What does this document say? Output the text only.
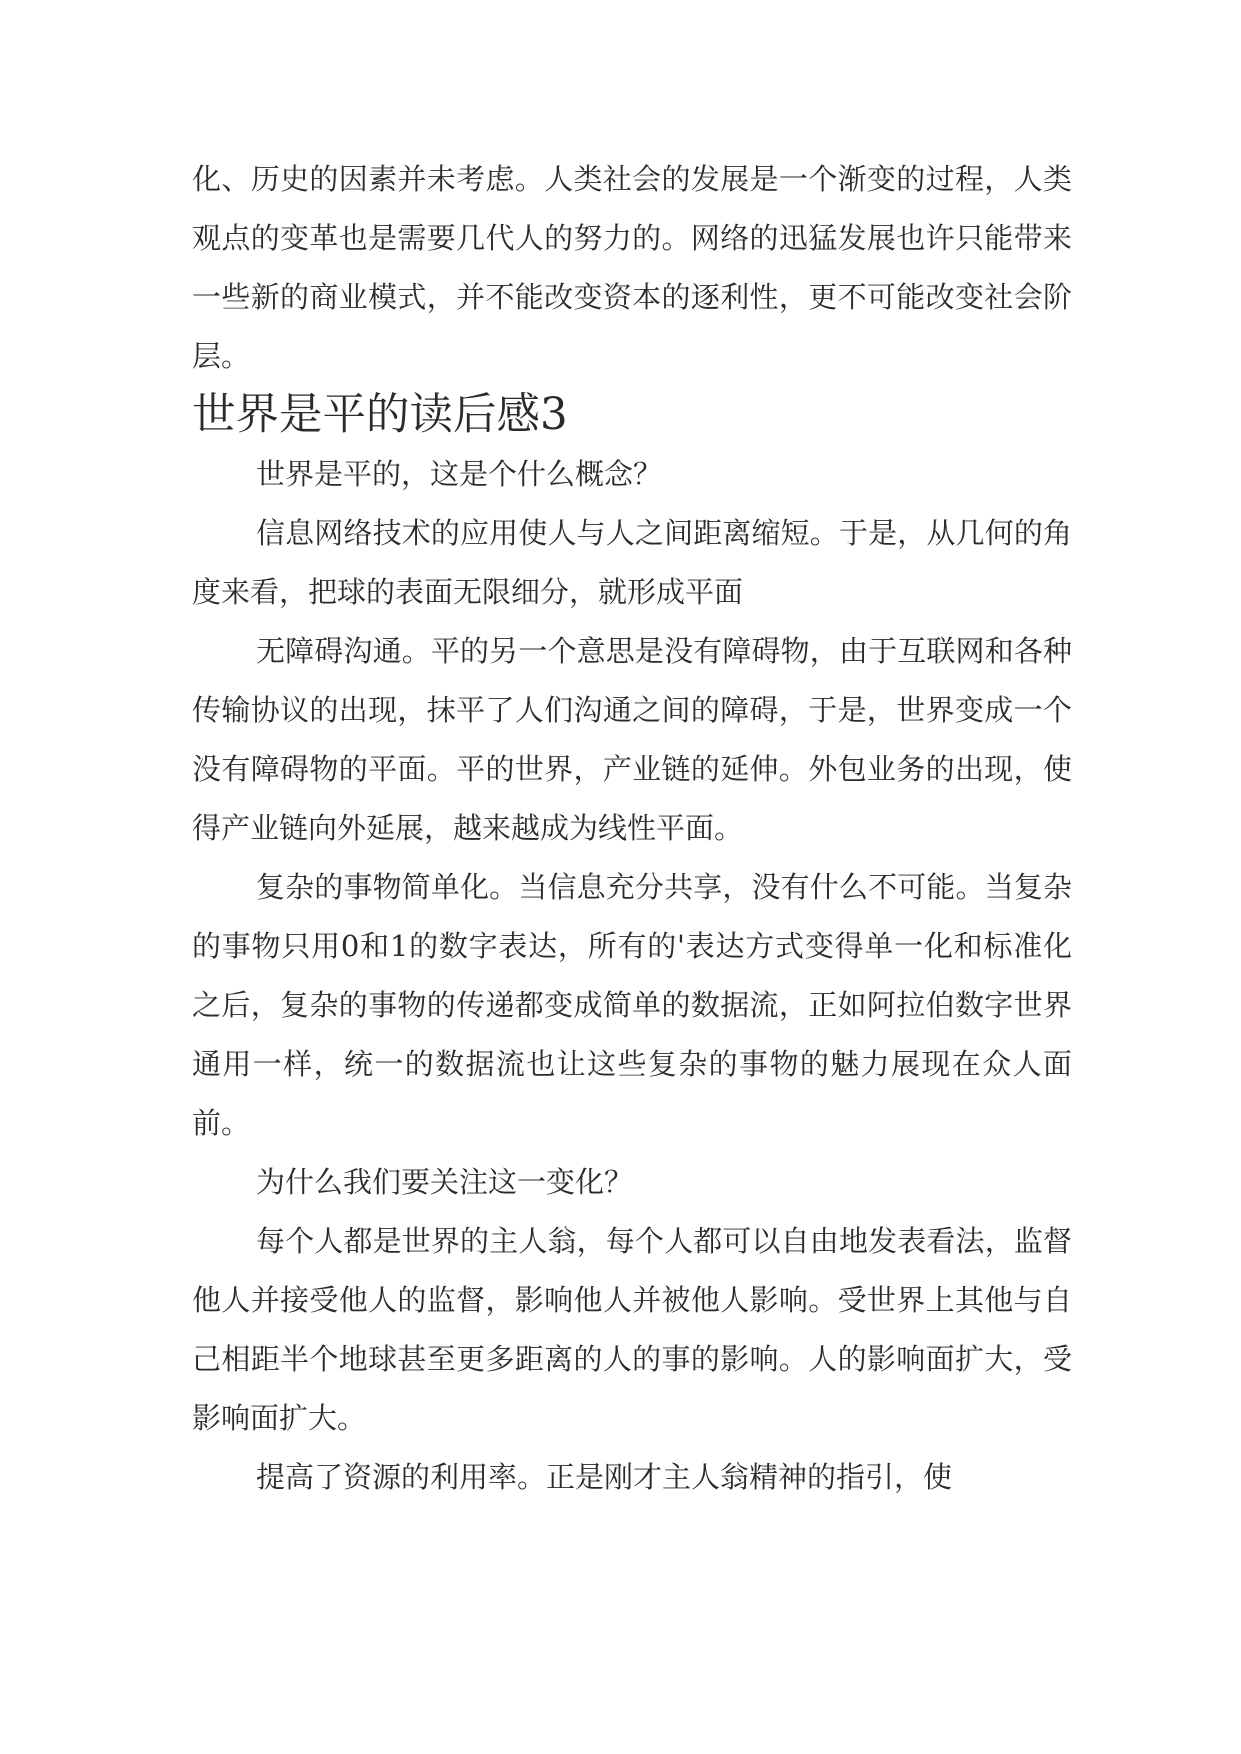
化、历史的因素并未考虑。人类社会的发展是一个渐变的过程，人类观点的变革也是需要几代人的努力的。网络的迅猛发展也许只能带来一些新的商业模式，并不能改变资本的逐利性，更不可能改变社会阶层。

世界是平的读后感3

世界是平的，这是个什么概念？

信息网络技术的应用使人与人之间距离缩短。于是，从几何的角度来看，把球的表面无限细分，就形成平面

无障碍沟通。平的另一个意思是没有障碍物，由于互联网和各种传输协议的出现，抹平了人们沟通之间的障碍，于是，世界变成一个没有障碍物的平面。平的世界，产业链的延伸。外包业务的出现，使得产业链向外延展，越来越成为线性平面。

复杂的事物简单化。当信息充分共享，没有什么不可能。当复杂的事物只用0和1的数字表达，所有的'表达方式变得单一化和标准化之后，复杂的事物的传递都变成简单的数据流，正如阿拉伯数字世界通用一样，统一的数据流也让这些复杂的事物的魅力展现在众人面前。

为什么我们要关注这一变化？

每个人都是世界的主人翁，每个人都可以自由地发表看法，监督他人并接受他人的监督，影响他人并被他人影响。受世界上其他与自己相距半个地球甚至更多距离的人的事的影响。人的影响面扩大，受影响面扩大。

提高了资源的利用率。正是刚才主人翁精神的指引，使
